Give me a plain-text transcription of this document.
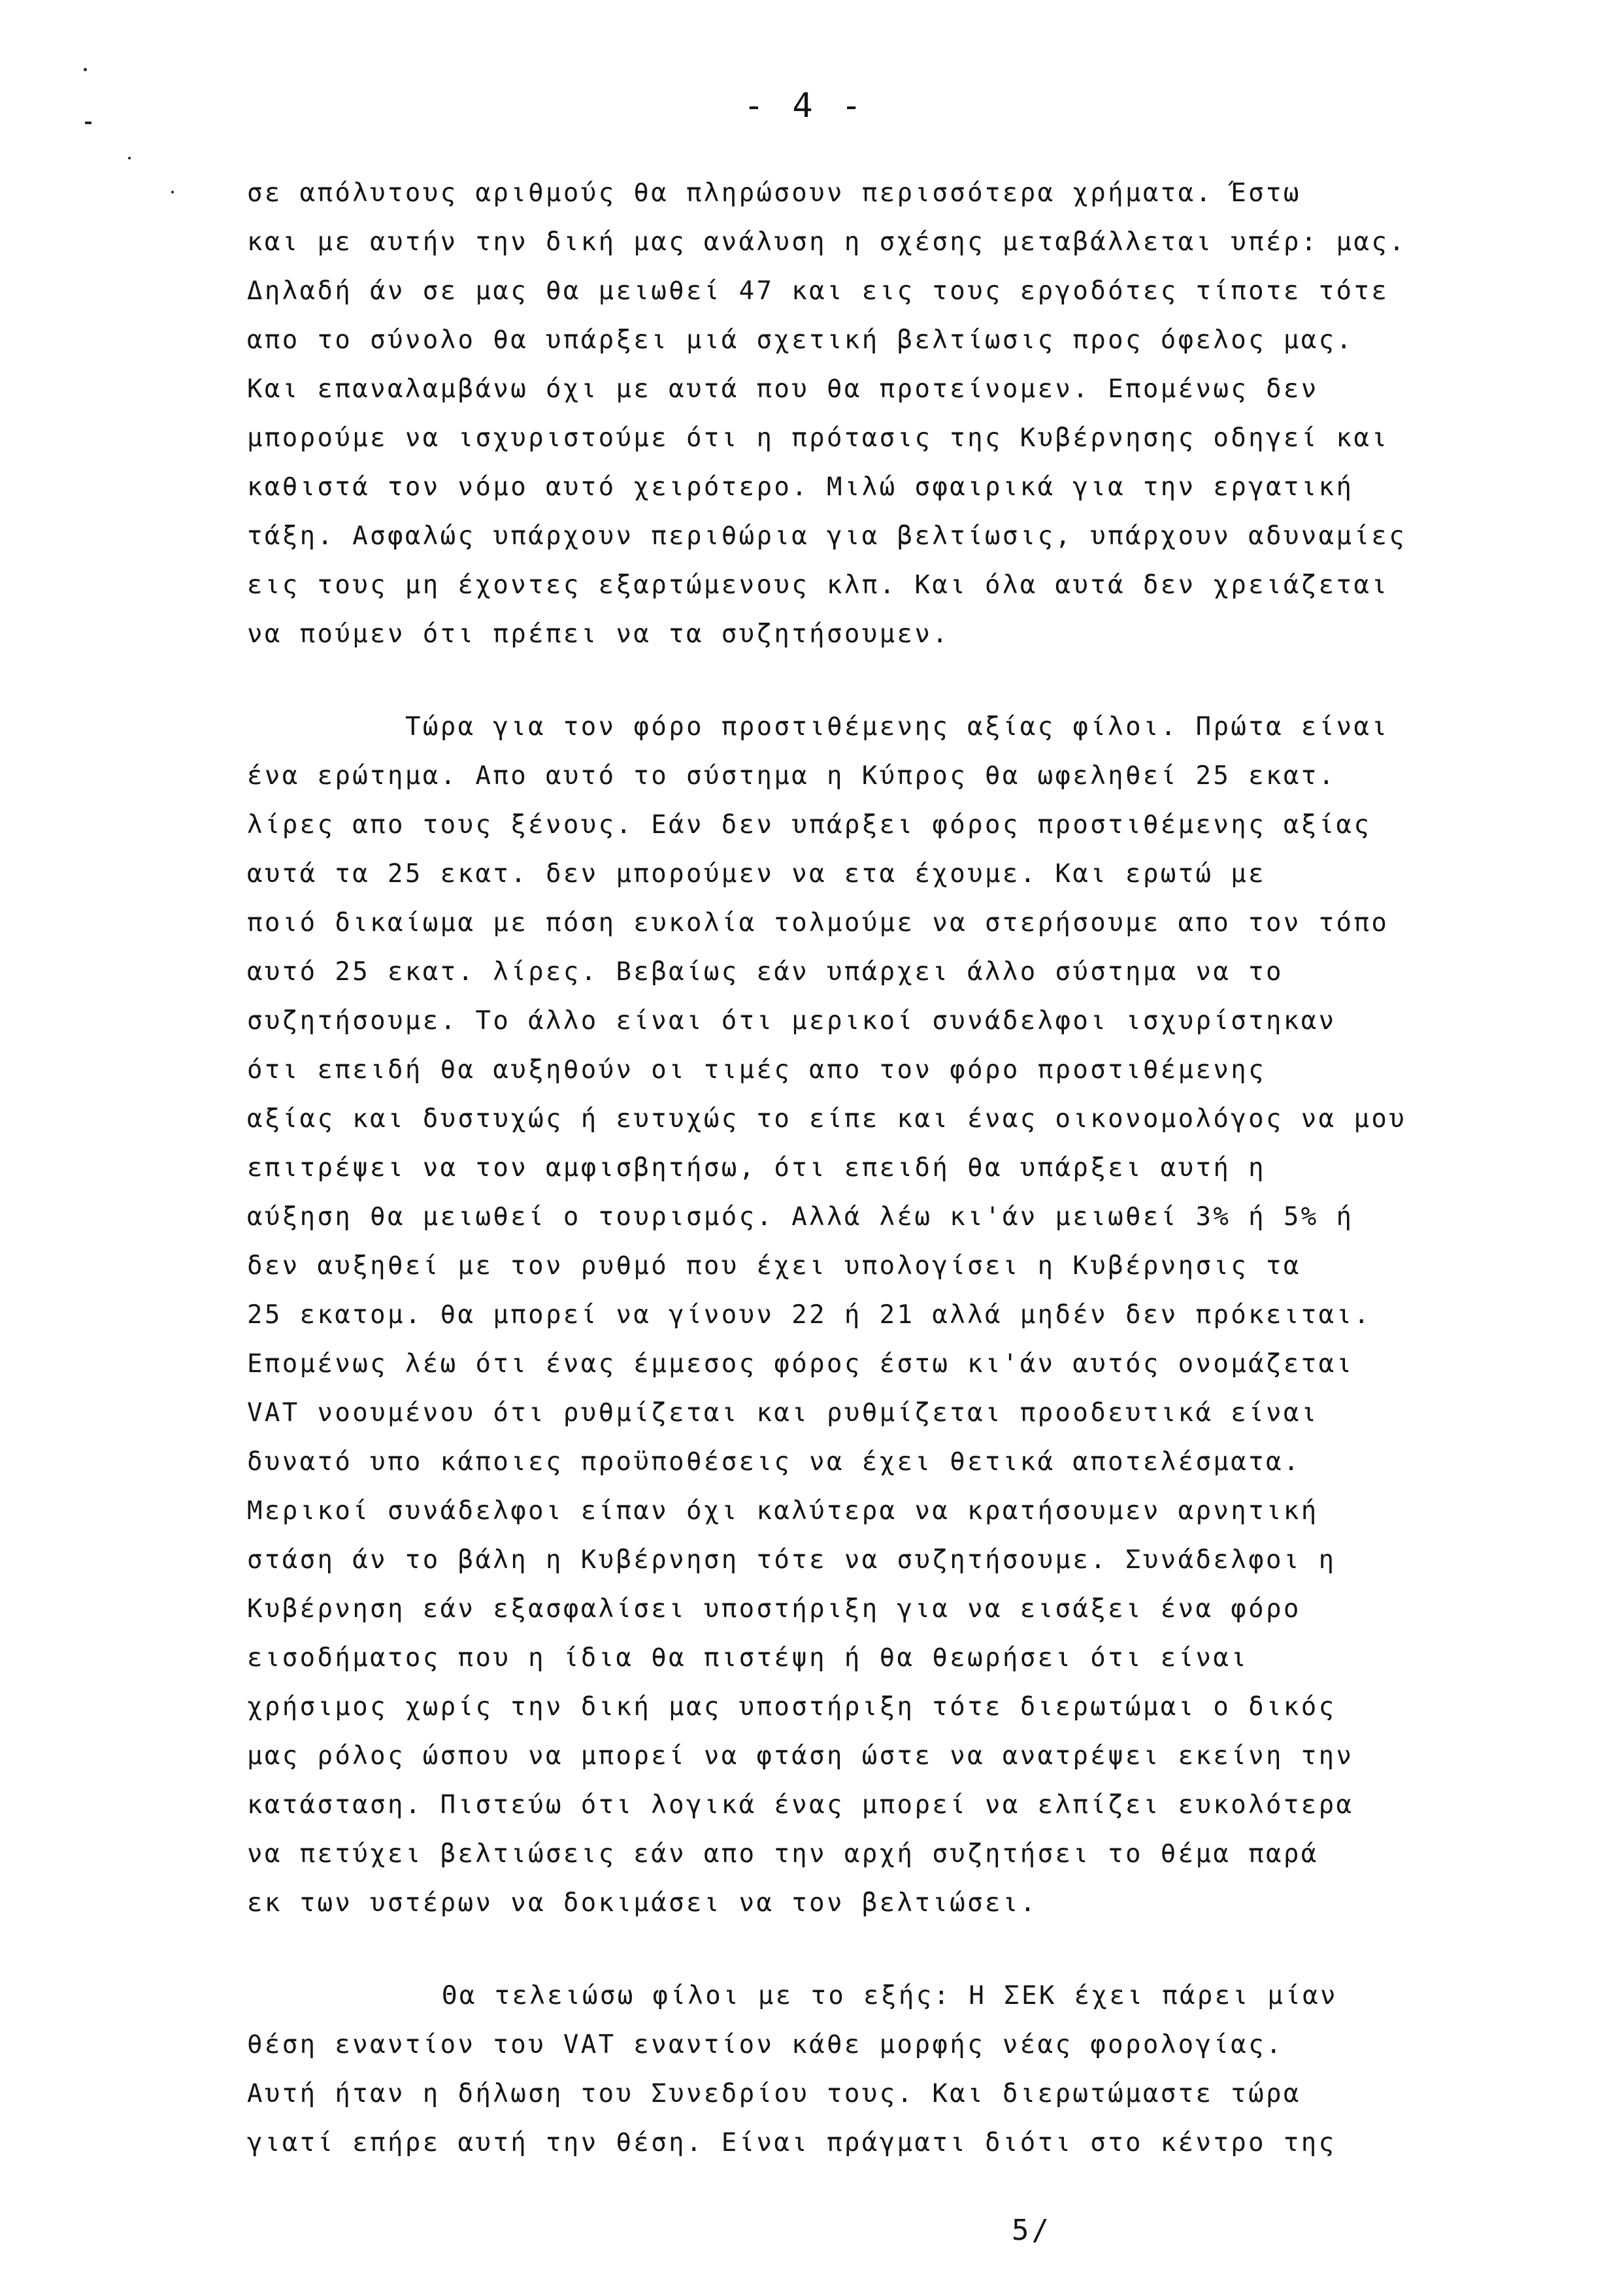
- 4 -
σε απόλυτους αριθμούς θα πληρώσουν περισσότερα χρήματα. Έστω
και με αυτήν την δική μας ανάλυση η σχέσης μεταβάλλεται υπέρ: μας.
Δηλαδή άν σε μας θα μειωθεί 47 και εις τους εργοδότες τίποτε τότε
απο το σύνολο θα υπάρξει μιά σχετική βελτίωσις προς όφελος μας.
Και επαναλαμβάνω όχι με αυτά που θα προτείνομεν. Επομένως δεν
μπορούμε να ισχυριστούμε ότι η πρότασις της Κυβέρνησης οδηγεί και
καθιστά τον νόμο αυτό χειρότερο. Μιλώ σφαιρικά για την εργατική
τάξη. Ασφαλώς υπάρχουν περιθώρια για βελτίωσις, υπάρχουν αδυναμίες
εις τους μη έχοντες εξαρτώμενους κλπ. Και όλα αυτά δεν χρειάζεται
να πούμεν ότι πρέπει να τα συζητήσουμεν.
Τώρα για τον φόρο προστιθέμενης αξίας φίλοι. Πρώτα είναι
ένα ερώτημα. Απο αυτό το σύστημα η Κύπρος θα ωφεληθεί 25 εκατ.
λίρες απο τους ξένους. Εάν δεν υπάρξει φόρος προστιθέμενης αξίας
αυτά τα 25 εκατ. δεν μπορούμεν να ετα έχουμε. Και ερωτώ με
ποιό δικαίωμα με πόση ευκολία τολμούμε να στερήσουμε απο τον τόπο
αυτό 25 εκατ. λίρες. Βεβαίως εάν υπάρχει άλλο σύστημα να το
συζητήσουμε. Το άλλο είναι ότι μερικοί συνάδελφοι ισχυρίστηκαν
ότι επειδή θα αυξηθούν οι τιμές απο τον φόρο προστιθέμενης
αξίας και δυστυχώς ή ευτυχώς το είπε και ένας οικονομολόγος να μου
επιτρέψει να τον αμφισβητήσω, ότι επειδή θα υπάρξει αυτή η
αύξηση θα μειωθεί ο τουρισμός. Αλλά λέω κι'άν μειωθεί 3% ή 5% ή
δεν αυξηθεί με τον ρυθμό που έχει υπολογίσει η Κυβέρνησις τα
25 εκατομ. θα μπορεί να γίνουν 22 ή 21 αλλά μηδέν δεν πρόκειται.
Επομένως λέω ότι ένας έμμεσος φόρος έστω κι'άν αυτός ονομάζεται
VAT νοουμένου ότι ρυθμίζεται και ρυθμίζεται προοδευτικά είναι
δυνατό υπο κάποιες προϋποθέσεις να έχει θετικά αποτελέσματα.
Μερικοί συνάδελφοι είπαν όχι καλύτερα να κρατήσουμεν αρνητική
στάση άν το βάλη η Κυβέρνηση τότε να συζητήσουμε. Συνάδελφοι η
Κυβέρνηση εάν εξασφαλίσει υποστήριξη για να εισάξει ένα φόρο
εισοδήματος που η ίδια θα πιστέψη ή θα θεωρήσει ότι είναι
χρήσιμος χωρίς την δική μας υποστήριξη τότε διερωτώμαι ο δικός
μας ρόλος ώσπου να μπορεί να φτάση ώστε να ανατρέψει εκείνη την
κατάσταση. Πιστεύω ότι λογικά ένας μπορεί να ελπίζει ευκολότερα
να πετύχει βελτιώσεις εάν απο την αρχή συζητήσει το θέμα παρά
εκ των υστέρων να δοκιμάσει να τον βελτιώσει.
Θα τελειώσω φίλοι με το εξής: Η ΣΕΚ έχει πάρει μίαν
θέση εναντίον του VAT εναντίον κάθε μορφής νέας φορολογίας.
Αυτή ήταν η δήλωση του Συνεδρίου τους. Και διερωτώμαστε τώρα
γιατί επήρε αυτή την θέση. Είναι πράγματι διότι στο κέντρο της
5/
